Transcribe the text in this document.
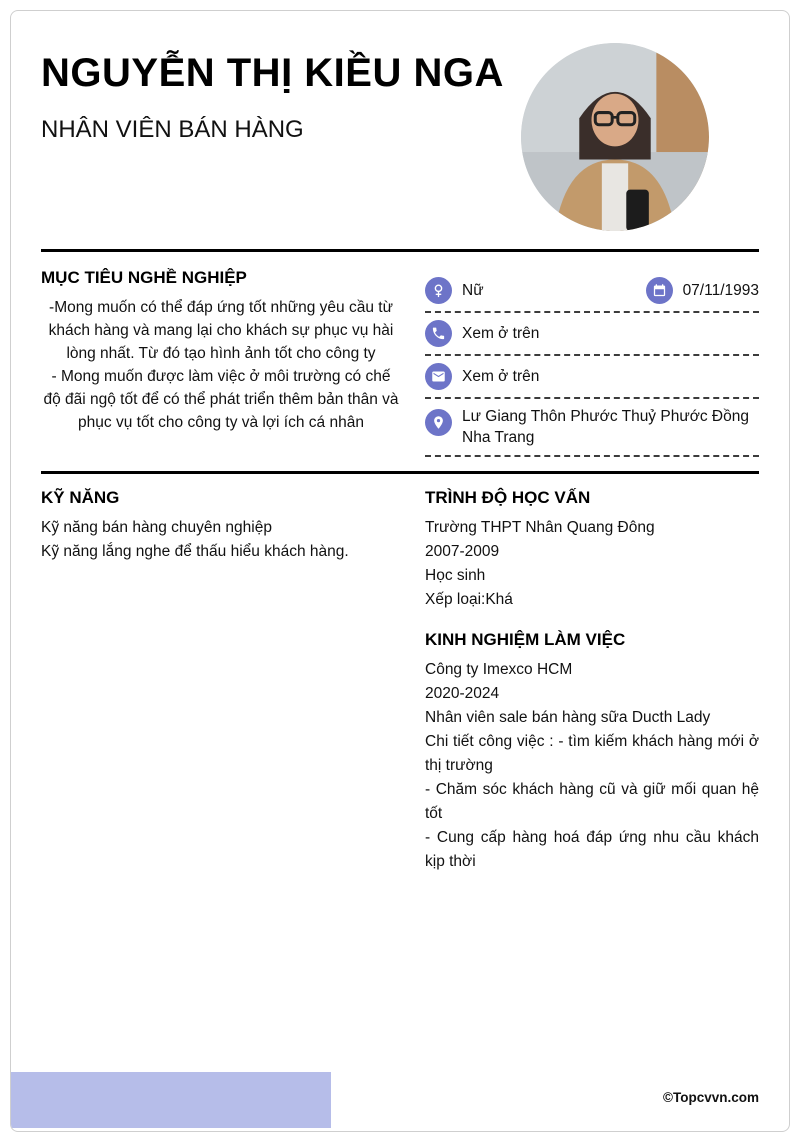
NGUYỄN THỊ KIỀU NGA
NHÂN VIÊN BÁN HÀNG
MỤC TIÊU NGHỀ NGHIỆP

-Mong muốn có thể đáp ứng tốt những yêu cầu từ khách hàng và mang lại cho khách sự phục vụ hài lòng nhất. Từ đó tạo hình ảnh tốt cho công ty

- Mong muốn được làm việc ở môi trường có chế độ đãi ngộ tốt để có thể phát triển thêm bản thân và phục vụ tốt cho công ty và lợi ích cá nhân

Nữ	07/11/1993
Xem ở trên
Xem ở trên
Lư Giang Thôn Phước Thuỷ Phước Đồng Nha Trang
KỸ NĂNG
Kỹ năng bán hàng chuyên nghiệp
Kỹ năng lắng nghe để thấu hiểu khách hàng.
TRÌNH ĐỘ HỌC VẤN
Trường THPT Nhân Quang Đông
2007-2009
Học sinh
Xếp loại:Khá
KINH NGHIỆM LÀM VIỆC
Công ty Imexco HCM
2020-2024
Nhân viên sale bán hàng sữa Ducth Lady
Chi tiết công việc : - tìm kiếm khách hàng mới ở thị trường
- Chăm sóc khách hàng cũ và giữ mối quan hệ tốt
- Cung cấp hàng hoá đáp ứng nhu cầu khách kịp thời
©Topcvvn.com
